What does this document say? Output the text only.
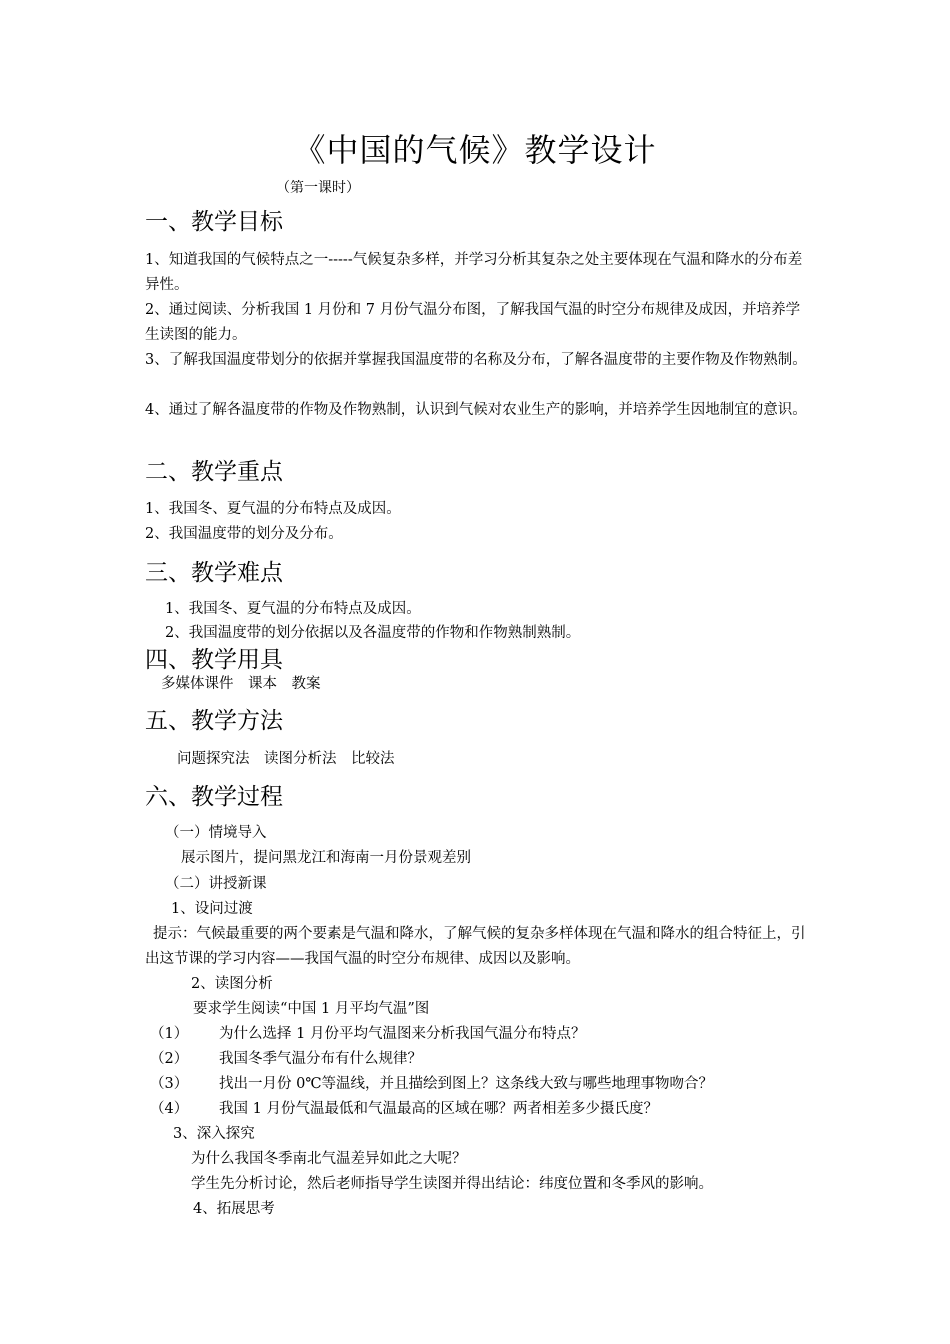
《中国的气候》教学设计
（第一课时）
一、教学目标
1、知道我国的气候特点之一-----气候复杂多样，并学习分析其复杂之处主要体现在气温和降水的分布差异性。
2、通过阅读、分析我国 1 月份和 7 月份气温分布图，了解我国气温的时空分布规律及成因，并培养学生读图的能力。
3、了解我国温度带划分的依据并掌握我国温度带的名称及分布，了解各温度带的主要作物及作物熟制。
4、通过了解各温度带的作物及作物熟制，认识到气候对农业生产的影响，并培养学生因地制宜的意识。
二、教学重点
1、我国冬、夏气温的分布特点及成因。
2、我国温度带的划分及分布。
三、教学难点
1、我国冬、夏气温的分布特点及成因。
2、我国温度带的划分依据以及各温度带的作物和作物熟制熟制。
四、教学用具
多媒体课件　课本　教案
五、教学方法
问题探究法　读图分析法　比较法
六、教学过程
（一）情境导入
展示图片，提问黑龙江和海南一月份景观差别
（二）讲授新课
1、设问过渡
提示：气候最重要的两个要素是气温和降水，了解气候的复杂多样体现在气温和降水的组合特征上，引出这节课的学习内容——我国气温的时空分布规律、成因以及影响。
2、读图分析
要求学生阅读“中国 1 月平均气温”图
（1） 为什么选择 1 月份平均气温图来分析我国气温分布特点？
（2） 我国冬季气温分布有什么规律？
（3） 找出一月份 0℃等温线，并且描绘到图上？这条线大致与哪些地理事物吻合？
（4） 我国 1 月份气温最低和气温最高的区域在哪？两者相差多少摄氏度？
3、深入探究
为什么我国冬季南北气温差异如此之大呢？
学生先分析讨论，然后老师指导学生读图并得出结论：纬度位置和冬季风的影响。
4、拓展思考
